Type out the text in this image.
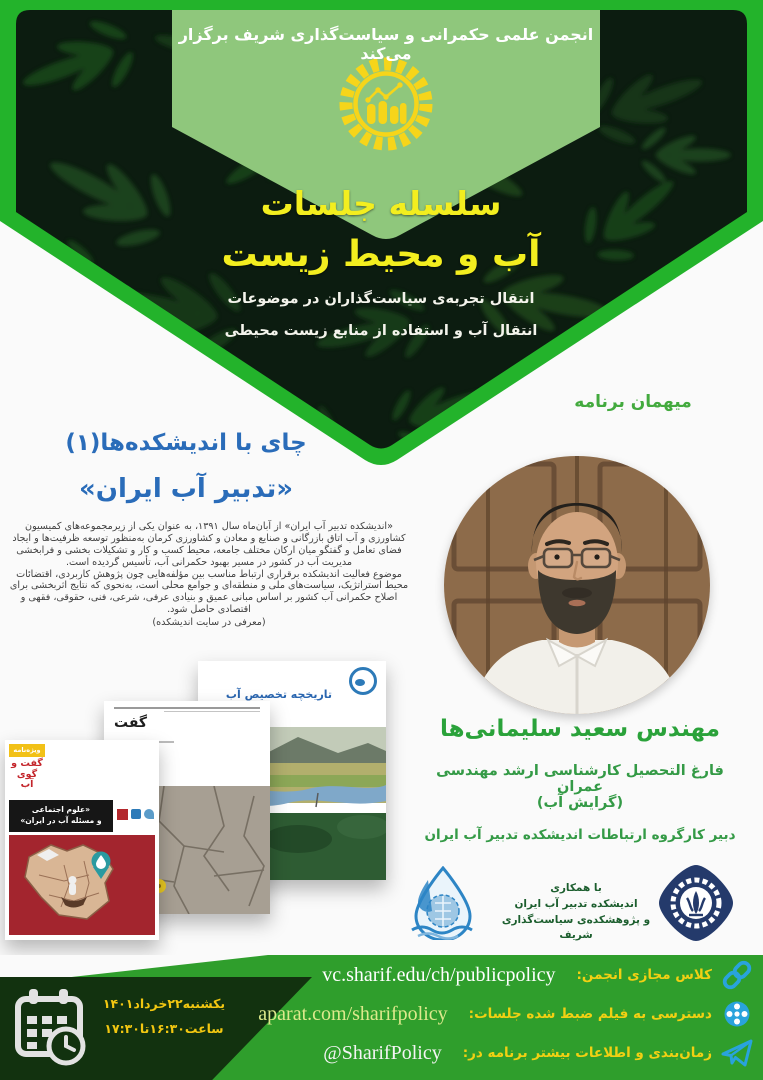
انجمن علمی حکمرانی و سیاست‌گذاری شریف برگزار می‌کند
سلسله جلسات
آب و محیط زیست
انتقال تجربه‌ی سیاست‌گذاران در موضوعات
انتقال آب و استفاده از منابع زیست محیطی
میهمان برنامه
چای با اندیشکده‌ها(۱)
«تدبیر آب ایران»

«اندیشکده تدبیر آب ایران» از آبان‌ماه سال ۱۳۹۱، به عنوان یکی از زیرمجموعه‌های کمیسیون کشاورزی و آب اتاق بازرگانی و صنایع و معادن و کشاورزی کرمان به‌منظور توسعه ظرفیت‌ها و ایجاد فضای تعامل و گفتگو میان ارکان مختلف جامعه، محیط کسب و کار و تشکیلات بخشی و فرابخشی مدیریت آب در کشور در مسیر بهبود حکمرانی آب، تأسیس گردیده است.

موضوع فعالیت اندیشکده برقراری ارتباط مناسب بین مؤلفه‌هایی چون پژوهش کاربردی، اقتضائات محیط استراتژیک، سیاست‌های ملی و منطقه‌ای و جوامع محلی است، به‌نحوی که نتایج اثربخشی برای اصلاح حکمرانی آب کشور بر اساس مبانی عمیق و بنیادی عرفی، شرعی، فنی، حقوقی، فقهی و اقتصادی حاصل شود.

(معرفی در سایت اندیشکده)

تاریخچه تخصیص آب
گفت
ویژه‌نامه
گفت و گوی آب
«علوم اجتماعی
و مسئله آب در ایران»
مهندس سعید سلیمانی‌ها
فارغ التحصیل کارشناسی ارشد مهندسی عمران
(گرایش آب)
دبیر کارگروه ارتباطات اندیشکده تدبیر آب ایران
با همکاری
اندیشکده تدبیر آب ایران
و پژوهشکده‌ی سیاست‌گذاری شریف
یکشنبه۲۲خرداد۱۴۰۱
ساعت۱۶:۳۰تا۱۷:۳۰
کلاس مجازی انجمن:
vc.sharif.edu/ch/publicpolicy
دسترسی به فیلم ضبط شده جلسات:
aparat.com/sharifpolicy
زمان‌بندی و اطلاعات بیشتر برنامه در:
@SharifPolicy
